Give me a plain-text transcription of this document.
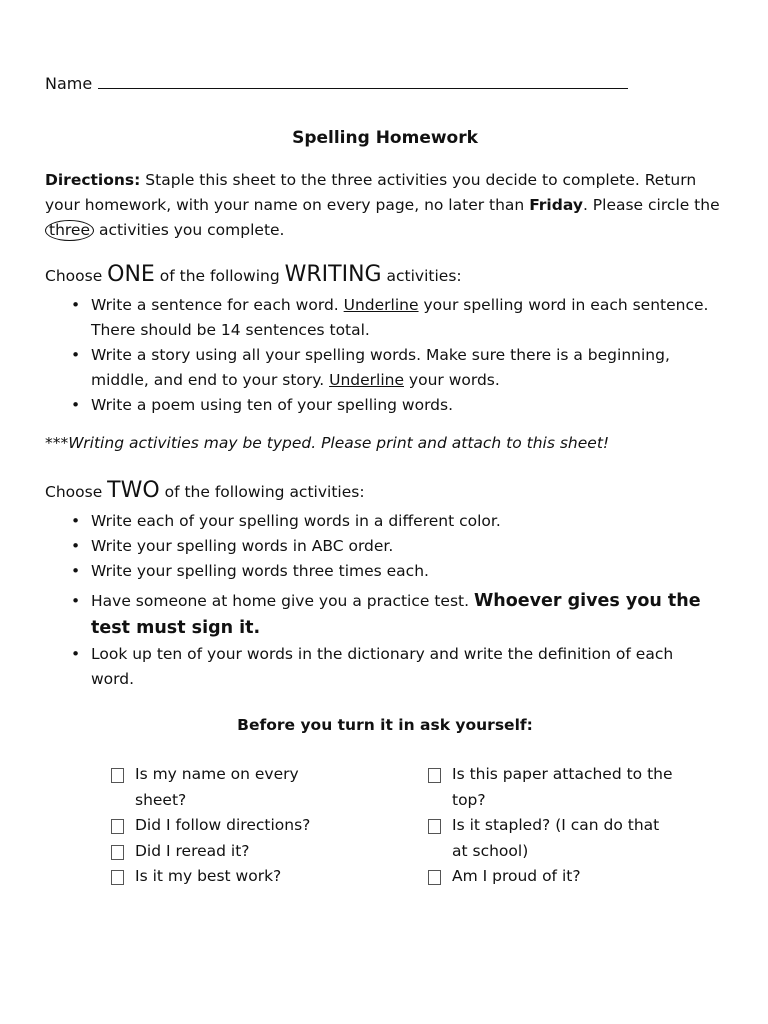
Name
Spelling Homework
Directions: Staple this sheet to the three activities you decide to complete. Return your homework, with your name on every page, no later than Friday. Please circle the three activities you complete.
Choose ONE of the following WRITING activities:
• Write a sentence for each word. Underline your spelling word in each sentence. There should be 14 sentences total.
• Write a story using all your spelling words. Make sure there is a beginning, middle, and end to your story. Underline your words.
• Write a poem using ten of your spelling words.
***Writing activities may be typed. Please print and attach to this sheet!
Choose TWO of the following activities:
• Write each of your spelling words in a different color.
• Write your spelling words in ABC order.
• Write your spelling words three times each.
• Have someone at home give you a practice test. Whoever gives you the test must sign it.
• Look up ten of your words in the dictionary and write the definition of each word.
Before you turn it in ask yourself:
Is my name on every sheet?
Did I follow directions?
Did I reread it?
Is it my best work?
Is this paper attached to the top?
Is it stapled? (I can do that at school)
Am I proud of it?
